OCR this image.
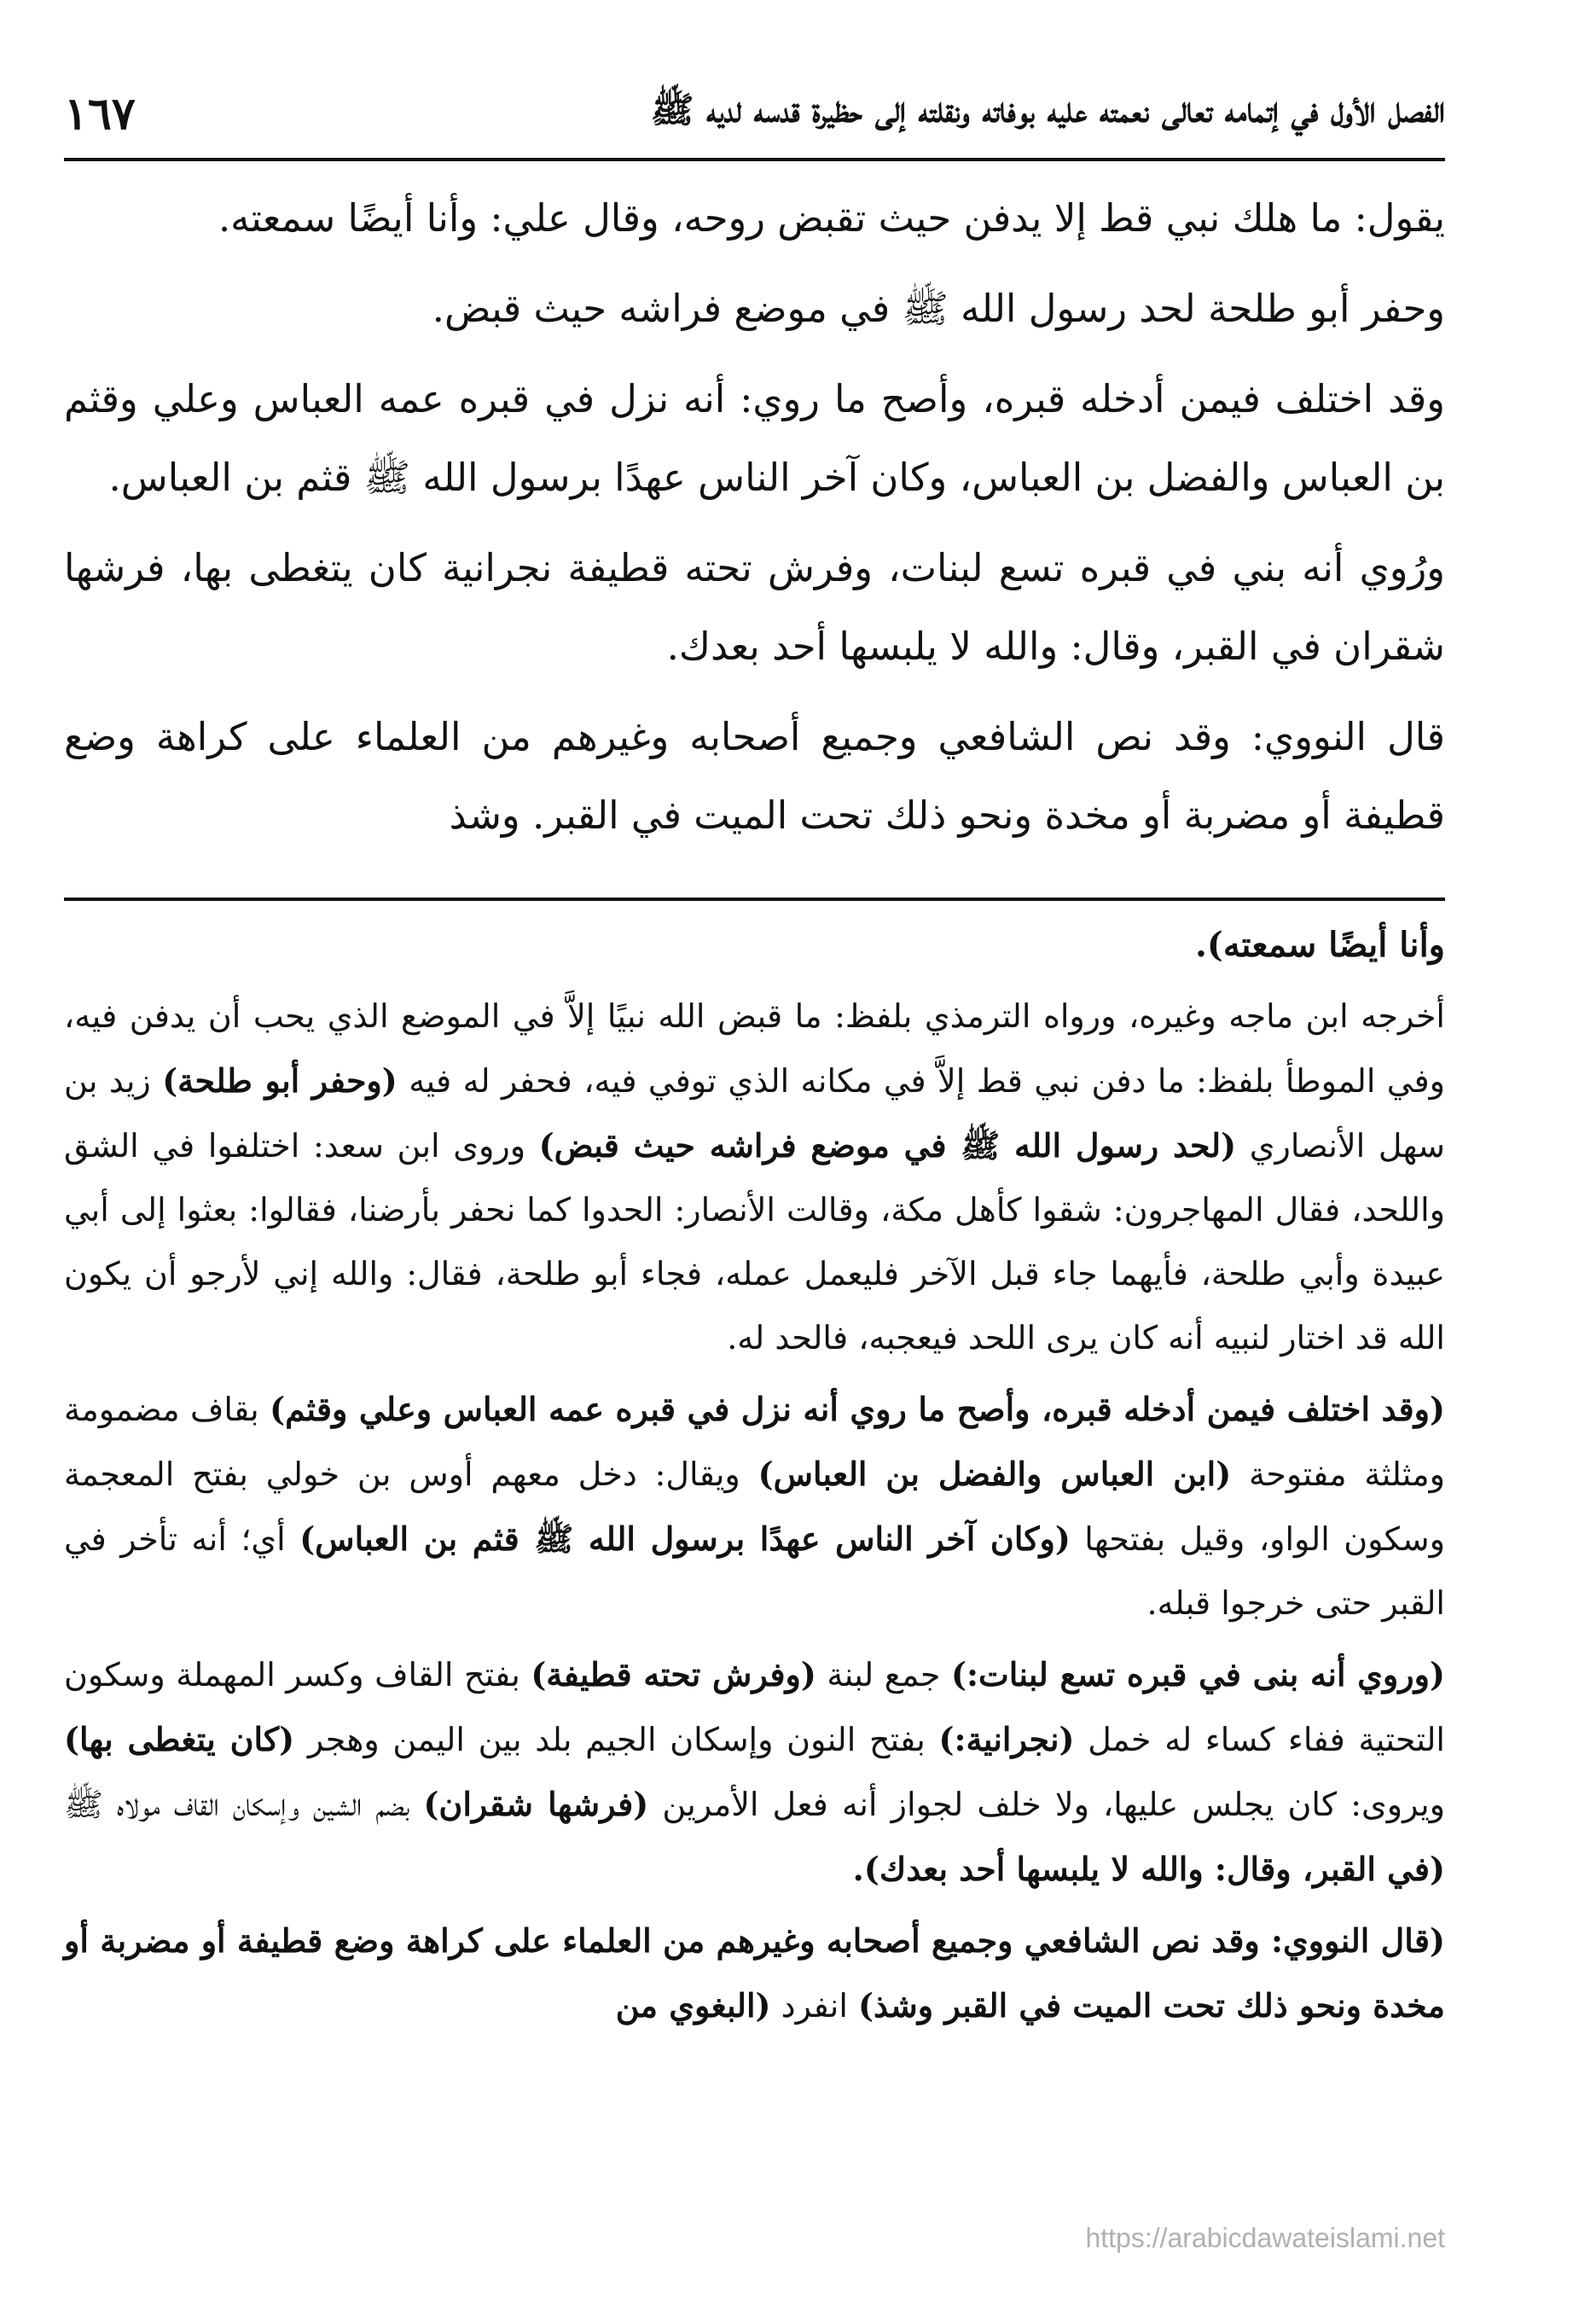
الفصل الأول في إتمامه تعالى نعمته عليه بوفاته ونقلته إلى حظيرة قدسه لديه ﷺ
١٦٧

يقول: ما هلك نبي قط إلا يدفن حيث تقبض روحه، وقال علي: وأنا أيضًا سمعته.

وحفر أبو طلحة لحد رسول الله ﷺ في موضع فراشه حيث قبض.

وقد اختلف فيمن أدخله قبره، وأصح ما روي: أنه نزل في قبره عمه العباس وعلي وقثم بن العباس والفضل بن العباس، وكان آخر الناس عهدًا برسول الله ﷺ قثم بن العباس.

ورُوي أنه بني في قبره تسع لبنات، وفرش تحته قطيفة نجرانية كان يتغطى بها، فرشها شقران في القبر، وقال: والله لا يلبسها أحد بعدك.

قال النووي: وقد نص الشافعي وجميع أصحابه وغيرهم من العلماء على كراهة وضع قطيفة أو مضربة أو مخدة ونحو ذلك تحت الميت في القبر. وشذ

وأنا أيضًا سمعته).

أخرجه ابن ماجه وغيره، ورواه الترمذي بلفظ: ما قبض الله نبيًا إلاَّ في الموضع الذي يحب أن يدفن فيه، وفي الموطأ بلفظ: ما دفن نبي قط إلاَّ في مكانه الذي توفي فيه، فحفر له فيه (وحفر أبو طلحة) زيد بن سهل الأنصاري (لحد رسول الله ﷺ في موضع فراشه حيث قبض) وروى ابن سعد: اختلفوا في الشق واللحد، فقال المهاجرون: شقوا كأهل مكة، وقالت الأنصار: الحدوا كما نحفر بأرضنا، فقالوا: بعثوا إلى أبي عبيدة وأبي طلحة، فأيهما جاء قبل الآخر فليعمل عمله، فجاء أبو طلحة، فقال: والله إني لأرجو أن يكون الله قد اختار لنبيه أنه كان يرى اللحد فيعجبه، فالحد له.

(وقد اختلف فيمن أدخله قبره، وأصح ما روي أنه نزل في قبره عمه العباس وعلي وقثم) بقاف مضمومة ومثلثة مفتوحة (ابن العباس والفضل بن العباس) ويقال: دخل معهم أوس بن خولي بفتح المعجمة وسكون الواو، وقيل بفتحها (وكان آخر الناس عهدًا برسول الله ﷺ قثم بن العباس) أي؛ أنه تأخر في القبر حتى خرجوا قبله.

(وروي أنه بنى في قبره تسع لبنات:) جمع لبنة (وفرش تحته قطيفة) بفتح القاف وكسر المهملة وسكون التحتية ففاء كساء له خمل (نجرانية:) بفتح النون وإسكان الجيم بلد بين اليمن وهجر (كان يتغطى بها) ويروى: كان يجلس عليها، ولا خلف لجواز أنه فعل الأمرين (فرشها شقران) بضم الشين وإسكان القاف مولاه ﷺ (في القبر، وقال: والله لا يلبسها أحد بعدك).

(قال النووي: وقد نص الشافعي وجميع أصحابه وغيرهم من العلماء على كراهة وضع قطيفة أو مضربة أو مخدة ونحو ذلك تحت الميت في القبر وشذ) انفرد (البغوي من

https://arabicdawateislami.net
